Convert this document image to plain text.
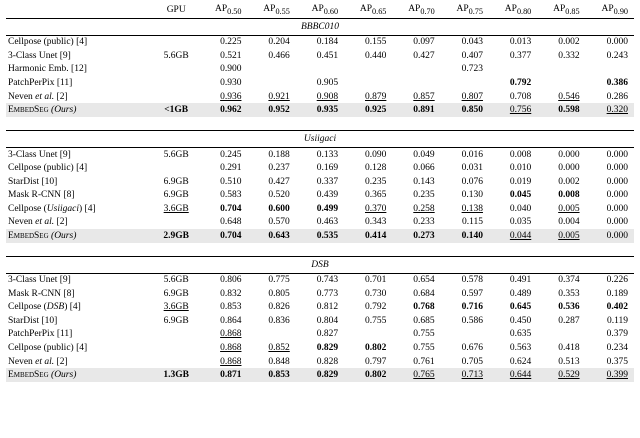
	GPU	AP0.50	AP0.55	AP0.60	AP0.65	AP0.70	AP0.75	AP0.80	AP0.85	AP0.90
BBBC010										
Cellpose (public) [4]		0.225	0.204	0.184	0.155	0.097	0.043	0.013	0.002	0.000
3-Class Unet [9]	5.6GB	0.521	0.466	0.451	0.440	0.427	0.407	0.377	0.332	0.243
Harmonic Emb. [12]		0.900					0.723			
PatchPerPix [11]		0.930		0.905				0.792		0.386
Neven et al. [2]		0.936	0.921	0.908	0.879	0.857	0.807	0.708	0.546	0.286
EmbedSeg (Ours)	<1GB	0.962	0.952	0.935	0.925	0.891	0.850	0.756	0.598	0.320

Usiigaci										
3-Class Unet [9]	5.6GB	0.245	0.188	0.133	0.090	0.049	0.016	0.008	0.000	0.000
Cellpose (public) [4]		0.291	0.237	0.169	0.128	0.066	0.031	0.010	0.000	0.000
StarDist [10]	6.9GB	0.510	0.427	0.337	0.235	0.143	0.076	0.019	0.002	0.000
Mask R-CNN [8]	6.9GB	0.583	0.520	0.439	0.365	0.235	0.130	0.045	0.008	0.000
Cellpose (Usiigaci) [4]	3.6GB	0.704	0.600	0.499	0.370	0.258	0.138	0.040	0.005	0.000
Neven et al. [2]		0.648	0.570	0.463	0.343	0.233	0.115	0.035	0.004	0.000
EmbedSeg (Ours)	2.9GB	0.704	0.643	0.535	0.414	0.273	0.140	0.044	0.005	0.000

DSB										
3-Class Unet [9]	5.6GB	0.806	0.775	0.743	0.701	0.654	0.578	0.491	0.374	0.226
Mask R-CNN [8]	6.9GB	0.832	0.805	0.773	0.730	0.684	0.597	0.489	0.353	0.189
Cellpose (DSB) [4]	3.6GB	0.853	0.826	0.812	0.792	0.768	0.716	0.645	0.536	0.402
StarDist [10]	6.9GB	0.864	0.836	0.804	0.755	0.685	0.586	0.450	0.287	0.119
PatchPerPix [11]		0.868		0.827		0.755		0.635		0.379
Cellpose (public) [4]		0.868	0.852	0.829	0.802	0.755	0.676	0.563	0.418	0.234
Neven et al. [2]		0.868	0.848	0.828	0.797	0.761	0.705	0.624	0.513	0.375
EmbedSeg (Ours)	1.3GB	0.871	0.853	0.829	0.802	0.765	0.713	0.644	0.529	0.399
